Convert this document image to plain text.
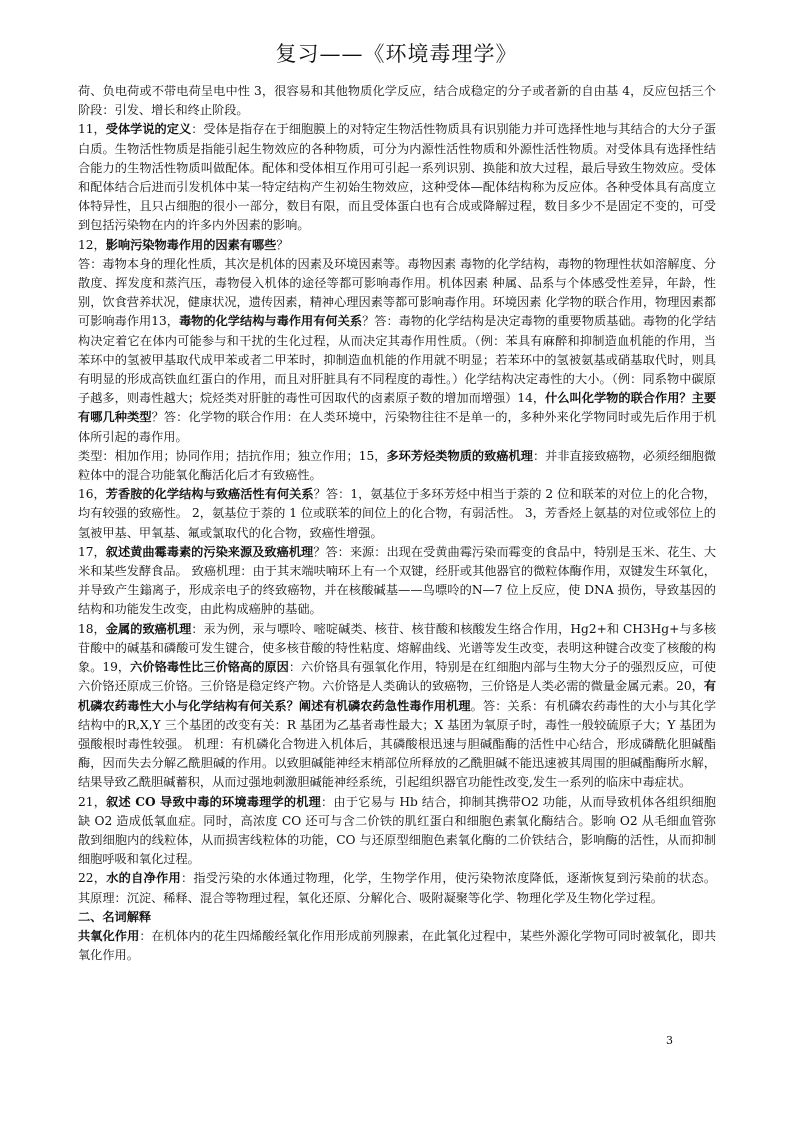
复习——《环境毒理学》

荷、负电荷或不带电荷呈电中性 3，很容易和其他物质化学反应，结合成稳定的分子或者新的自由基 4，反应包括三个阶段：引发、增长和终止阶段。

11，受体学说的定义：受体是指存在于细胞膜上的对特定生物活性物质具有识别能力并可选择性地与其结合的大分子蛋白质。生物活性物质是指能引起生物效应的各种物质，可分为内源性活性物质和外源性活性物质。对受体具有选择性结合能力的生物活性物质叫做配体。配体和受体相互作用可引起一系列识别、换能和放大过程，最后导致生物效应。受体和配体结合后进而引发机体中某一特定结构产生初始生物效应，这种受体—配体结构称为反应体。各种受体具有高度立体特异性，且只占细胞的很小一部分，数目有限，而且受体蛋白也有合成或降解过程，数目多少不是固定不变的，可受到包括污染物在内的许多内外因素的影响。

12，影响污染物毒作用的因素有哪些？

答：毒物本身的理化性质，其次是机体的因素及环境因素等。毒物因素 毒物的化学结构，毒物的物理性状如溶解度、分散度、挥发度和蒸汽压，毒物侵入机体的途径等都可影响毒作用。机体因素 种属、品系与个体感受性差异，年龄，性别，饮食营养状况，健康状况，遗传因素，精神心理因素等都可影响毒作用。环境因素 化学物的联合作用，物理因素都可影响毒作用13，毒物的化学结构与毒作用有何关系？答：毒物的化学结构是决定毒物的重要物质基础。毒物的化学结构决定着它在体内可能参与和干扰的生化过程，从而决定其毒作用性质。（例：苯具有麻醉和抑制造血机能的作用，当苯环中的氢被甲基取代成甲苯或者二甲苯时，抑制造血机能的作用就不明显；若苯环中的氢被氨基或硝基取代时，则具有明显的形成高铁血红蛋白的作用，而且对肝脏具有不同程度的毒性。）化学结构决定毒性的大小。（例：同系物中碳原子越多，则毒性越大；烷烃类对肝脏的毒性可因取代的卤素原子数的增加而增强）14，什么叫化学物的联合作用？主要有哪几种类型？答：化学物的联合作用：在人类环境中，污染物往往不是单一的，多种外来化学物同时或先后作用于机体所引起的毒作用。

类型：相加作用；协同作用；拮抗作用；独立作用；15，多环芳烃类物质的致癌机理：并非直接致癌物，必须经细胞微粒体中的混合功能氧化酶活化后才有致癌性。

16，芳香胺的化学结构与致癌活性有何关系？答：1，氨基位于多环芳烃中相当于萘的 2 位和联苯的对位上的化合物，均有较强的致癌性。 2，氨基位于萘的 1 位或联苯的间位上的化合物，有弱活性。 3，芳香烃上氨基的对位或邻位上的氢被甲基、甲氧基、氟或氯取代的化合物，致癌性增强。

17，叙述黄曲霉毒素的污染来源及致癌机理？答：来源：出现在受黄曲霉污染而霉变的食品中，特别是玉米、花生、大米和某些发酵食品。 致癌机理：由于其末端呋喃环上有一个双键，经肝或其他器官的微粒体酶作用，双键发生环氧化，并导致产生鎓离子，形成亲电子的终致癌物，并在核酸碱基——鸟嘌呤的N—7 位上反应，使 DNA 损伤，导致基因的结构和功能发生改变，由此构成癌肿的基础。

18，金属的致癌机理：汞为例，汞与嘌呤、嘧啶碱类、核苷、核苷酸和核酸发生络合作用，Hg2+和 CH3Hg+与多核苷酸中的碱基和磷酸可发生键合，使多核苷酸的特性粘度、熔解曲线、光谱等发生改变，表明这种键合改变了核酸的构象。19，六价铬毒性比三价铬高的原因：六价铬具有强氧化作用，特别是在红细胞内部与生物大分子的强烈反应，可使六价铬还原成三价铬。三价铬是稳定终产物。六价铬是人类确认的致癌物，三价铬是人类必需的微量金属元素。20，有机磷农药毒性大小与化学结构有何关系？阐述有机磷农药急性毒作用机理。答：关系：有机磷农药毒性的大小与其化学结构中的R,X,Y 三个基团的改变有关：R 基团为乙基者毒性最大；X 基团为氧原子时，毒性一般较硫原子大；Y 基团为强酸根时毒性较强。 机理：有机磷化合物进入机体后，其磷酸根迅速与胆碱酯酶的活性中心结合，形成磷酰化胆碱酯酶，因而失去分解乙酰胆碱的作用。以致胆碱能神经末梢部位所释放的乙酰胆碱不能迅速被其周围的胆碱酯酶所水解，结果导致乙酰胆碱蓄积，从而过强地刺激胆碱能神经系统，引起组织器官功能性改变,发生一系列的临床中毒症状。

21，叙述 CO 导致中毒的环境毒理学的机理：由于它易与 Hb 结合，抑制其携带O2 功能，从而导致机体各组织细胞缺 O2 造成低氧血症。同时，高浓度 CO 还可与含二价铁的肌红蛋白和细胞色素氧化酶结合。影响 O2 从毛细血管弥散到细胞内的线粒体，从而损害线粒体的功能，CO 与还原型细胞色素氧化酶的二价铁结合，影响酶的活性，从而抑制细胞呼吸和氧化过程。

22，水的自净作用：指受污染的水体通过物理，化学，生物学作用，使污染物浓度降低，逐渐恢复到污染前的状态。 其原理：沉淀、稀释、混合等物理过程，氧化还原、分解化合、吸附凝聚等化学、物理化学及生物化学过程。

二、名词解释

共氧化作用：在机体内的花生四烯酸经氧化作用形成前列腺素，在此氧化过程中，某些外源化学物可同时被氧化，即共氧化作用。

3
